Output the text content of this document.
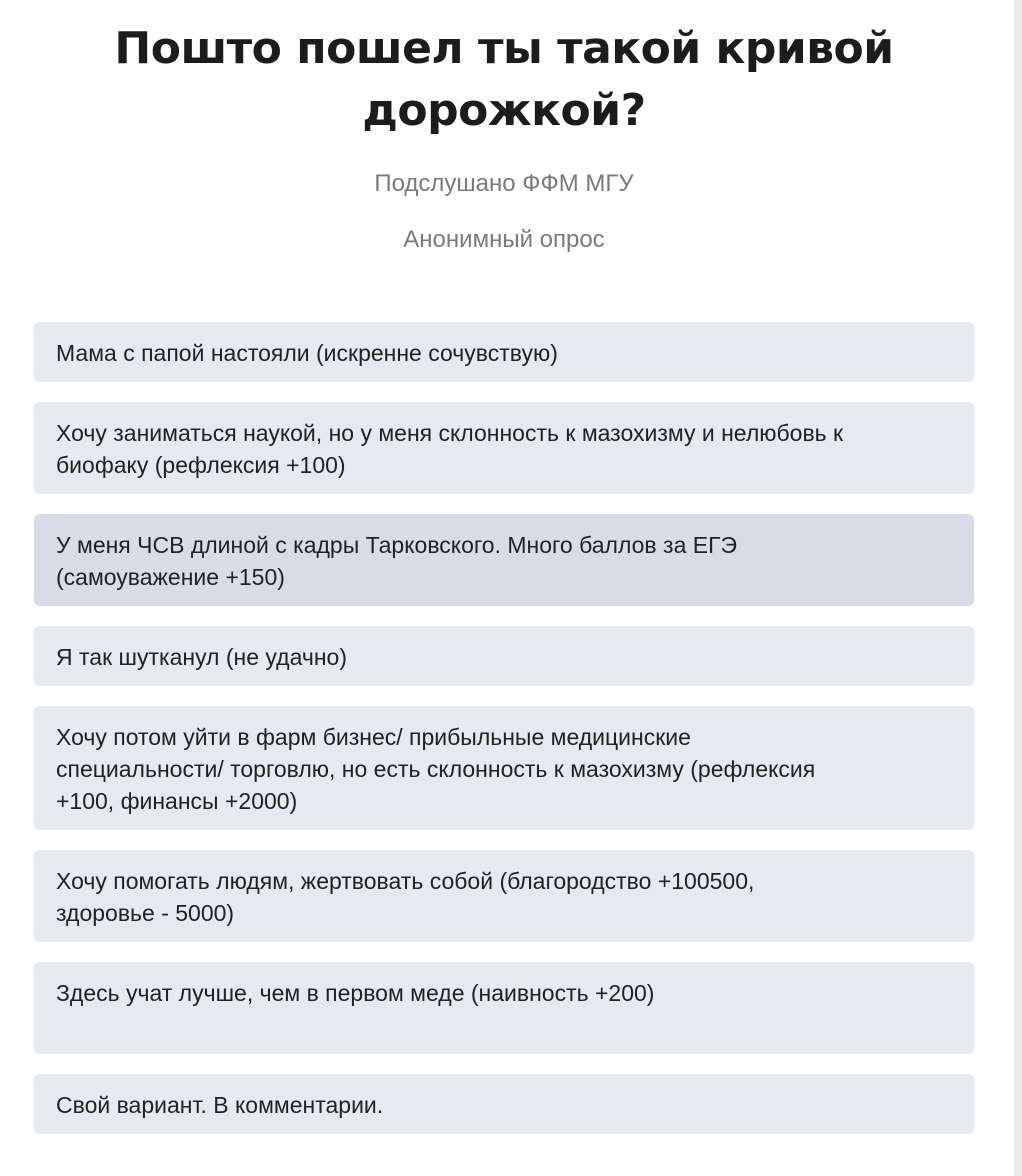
Пошто пошел ты такой кривой дорожкой?
Подслушано ФФМ МГУ
Анонимный опрос
Мама с папой настояли (искренне сочувствую)
Хочу заниматься наукой, но у меня склонность к мазохизму и нелюбовь к биофаку (рефлексия +100)
У меня ЧСВ длиной с кадры Тарковского. Много баллов за ЕГЭ (самоуважение +150)
Я так шутканул (не удачно)
Хочу потом уйти в фарм бизнес/ прибыльные медицинские специальности/ торговлю, но есть склонность к мазохизму (рефлексия +100, финансы +2000)
Хочу помогать людям, жертвовать собой (благородство +100500, здоровье - 5000)
Здесь учат лучше, чем в первом меде (наивность +200)
Свой вариант. В комментарии.
